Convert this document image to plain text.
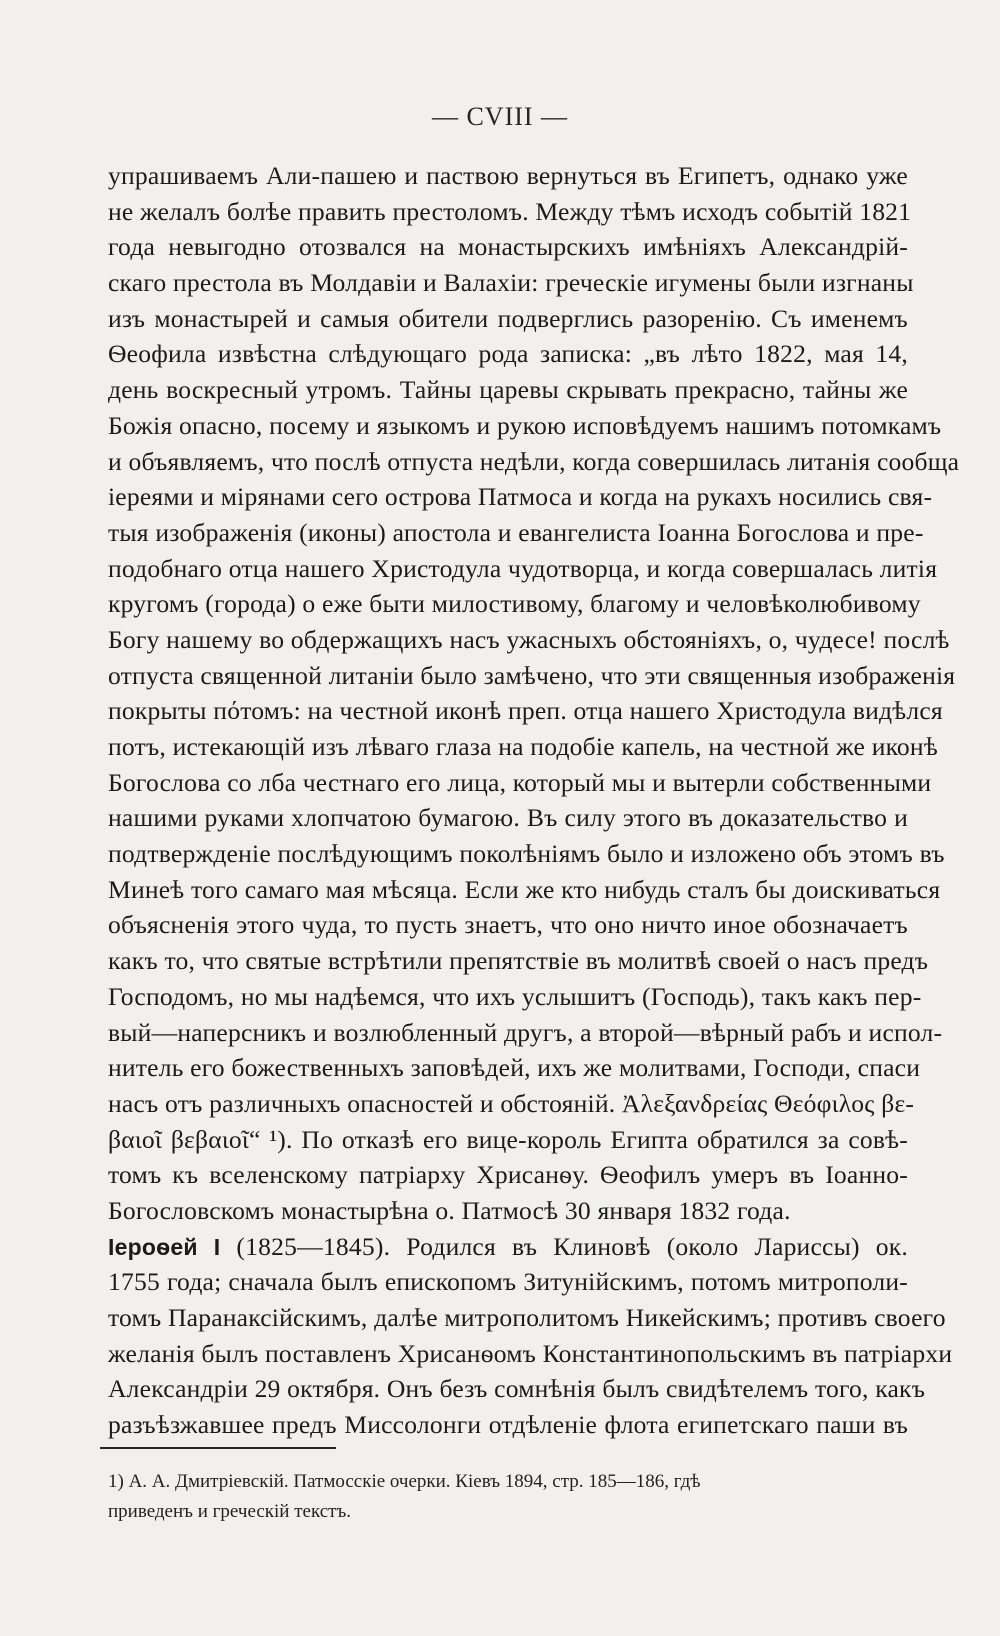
— CVIII —
упрашиваемъ Али-пашею и паствою вернуться въ Египетъ, однако уже
не желалъ болѣе править престоломъ. Между тѣмъ исходъ событій 1821
года невыгодно отозвался на монастырскихъ имѣніяхъ Александрій-
скаго престола въ Молдавіи и Валахіи: греческіе игумены были изгнаны
изъ монастырей и самыя обители подверглись разоренію. Съ именемъ
Ѳеофила извѣстна слѣдующаго рода записка: „въ лѣто 1822, мая 14,
день воскресный утромъ. Тайны царевы скрывать прекрасно, тайны же
Божія опасно, посему и языкомъ и рукою исповѣдуемъ нашимъ потомкамъ
и объявляемъ, что послѣ отпуста недѣли, когда совершилась литанія сообща
іереями и мірянами сего острова Патмоса и когда на рукахъ носились свя-
тыя изображенія (иконы) апостола и евангелиста Іоанна Богослова и пре-
подобнаго отца нашего Христодула чудотворца, и когда совершалась литія
кругомъ (города) о еже быти милостивому, благому и человѣколюбивому
Богу нашему во обдержащихъ насъ ужасныхъ обстояніяхъ, о, чудесе! послѣ
отпуста священной литаніи было замѣчено, что эти священныя изображенія
покрыты пόтомъ: на честной иконѣ преп. отца нашего Христодула видѣлся
потъ, истекающій изъ лѣваго глаза на подобіе капель, на честной же иконѣ
Богослова со лба честнаго его лица, который мы и вытерли собственными
нашими руками хлопчатою бумагою. Въ силу этого въ доказательство и
подтвержденіе послѣдующимъ поколѣніямъ было и изложено объ этомъ въ
Минеѣ того самаго мая мѣсяца. Если же кто нибудь сталъ бы доискиваться
объясненія этого чуда, то пусть знаетъ, что оно ничто иное обозначаетъ
какъ то, что святые встрѣтили препятствіе въ молитвѣ своей о насъ предъ
Господомъ, но мы надѣемся, что ихъ услышитъ (Господь), такъ какъ пер-
вый—наперсникъ и возлюбленный другъ, а второй—вѣрный рабъ и испол-
нитель его божественныхъ заповѣдей, ихъ же молитвами, Господи, спаси
насъ отъ различныхъ опасностей и обстояній. Ἀλεξανδρείας Θεόφιλος βε-
βαιοῖ βεβαιοῖ“ ¹). По отказѣ его вице-король Египта обратился за совѣ-
томъ къ вселенскому патріарху Хрисанѳу. Ѳеофилъ умеръ въ Іоанно-
Богословскомъ монастырѣна о. Патмосѣ 30 января 1832 года.
Іероѳей I (1825—1845). Родился въ Клиновѣ (около Ларисcы) ок.
1755 года; сначала былъ епископомъ Зитунійскимъ, потомъ митрополи-
томъ Паранаксійскимъ, далѣе митрополитомъ Никейскимъ; противъ своего
желанія былъ поставленъ Хрисанѳомъ Константинопольскимъ въ патріархи
Александріи 29 октября. Онъ безъ сомнѣнія былъ свидѣтелемъ того, какъ
разъѣзжавшее предъ Миссолонги отдѣленіе флота египетскаго паши въ
1) А. А. Дмитріевскій. Патмосскіе очерки. Кіевъ 1894, стр. 185—186, гдѣ
приведенъ и греческій текстъ.
